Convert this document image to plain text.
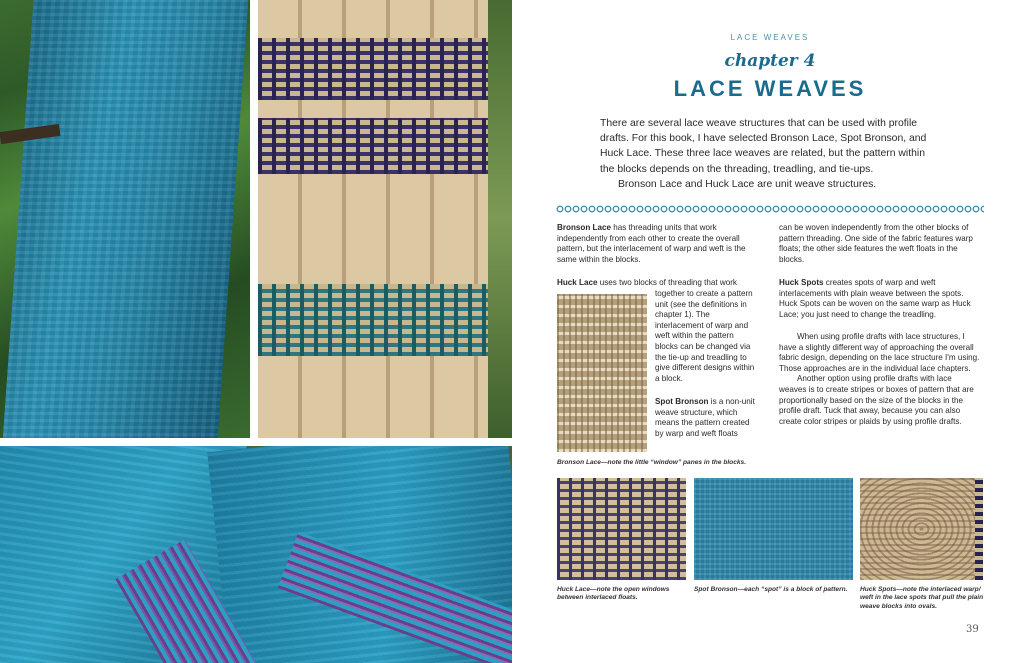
LACE WEAVES
chapter 4
LACE WEAVES

There are several lace weave structures that can be used with profile drafts. For this book, I have selected Bronson Lace, Spot Bronson, and Huck Lace. These three lace weaves are related, but the pattern within the blocks depends on the threading, treadling, and tie-ups.

Bronson Lace and Huck Lace are unit weave structures.

Bronson Lace has threading units that work independently from each other to create the overall pattern, but the interlacement of warp and weft is the same within the blocks.

Huck Lace uses two blocks of threading that work

together to create a pattern unit (see the definitions in chapter 1). The interlacement of warp and weft within the pattern blocks can be changed via the tie-up and treadling to give different designs within a block.

Spot Bronson is a non-unit weave structure, which means the pattern created by warp and weft floats

can be woven independently from the other blocks of pattern threading. One side of the fabric features warp floats; the other side features the weft floats in the blocks.

Huck Spots creates spots of warp and weft interlacements with plain weave between the spots. Huck Spots can be woven on the same warp as Huck Lace; you just need to change the treadling.

When using profile drafts with lace structures, I have a slightly different way of approaching the overall fabric design, depending on the lace structure I'm using. Those approaches are in the individual lace chapters.

Another option using profile drafts with lace weaves is to create stripes or boxes of pattern that are proportionally based on the size of the blocks in the profile draft. Tuck that away, because you can also create color stripes or plaids by using profile drafts.

Bronson Lace—note the little “window” panes in the blocks.
Huck Lace—note the open windows between interlaced floats.
Spot Bronson—each “spot” is a block of pattern.	Huck Spots—note the interlaced warp/ weft in the lace spots that pull the plain weave blocks into ovals.
39
